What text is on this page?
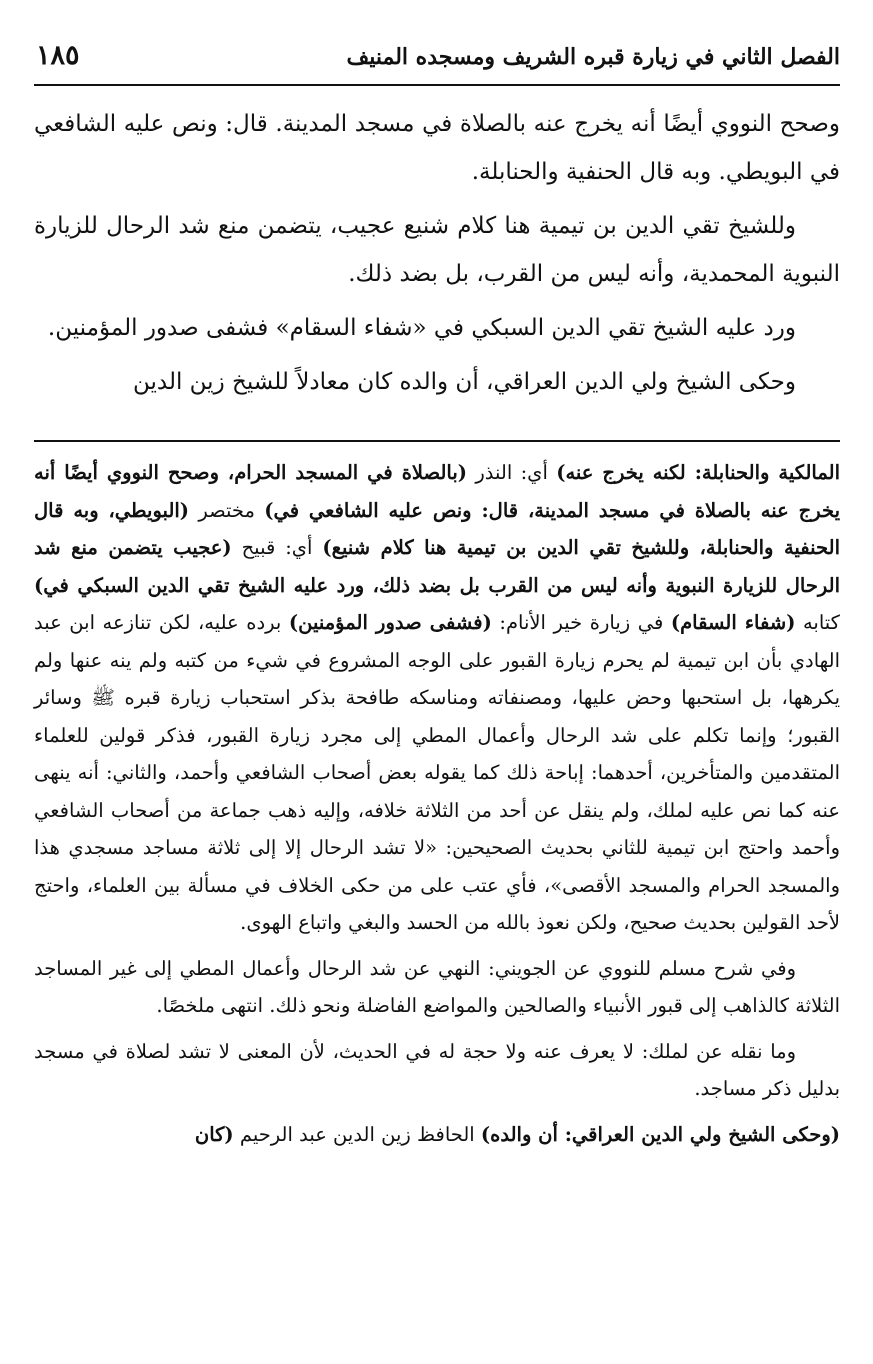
الفصل الثاني في زيارة قبره الشريف ومسجده المنيف
١٨٥

وصحح النووي أيضًا أنه يخرج عنه بالصلاة في مسجد المدينة. قال: ونص عليه الشافعي في البويطي. وبه قال الحنفية والحنابلة.

وللشيخ تقي الدين بن تيمية هنا كلام شنيع عجيب، يتضمن منع شد الرحال للزيارة النبوية المحمدية، وأنه ليس من القرب، بل بضد ذلك.

ورد عليه الشيخ تقي الدين السبكي في «شفاء السقام» فشفى صدور المؤمنين.

وحكى الشيخ ولي الدين العراقي، أن والده كان معادلاً للشيخ زين الدين

المالكية والحنابلة: لكنه يخرج عنه) أي: النذر (بالصلاة في المسجد الحرام، وصحح النووي أيضًا أنه يخرج عنه بالصلاة في مسجد المدينة، قال: ونص عليه الشافعي في) مختصر (البويطي، وبه قال الحنفية والحنابلة، وللشيخ تقي الدين بن تيمية هنا كلام شنيع) أي: قبيح (عجيب يتضمن منع شد الرحال للزيارة النبوية وأنه ليس من القرب بل بضد ذلك، ورد عليه الشيخ تقي الدين السبكي في) كتابه (شفاء السقام) في زيارة خير الأنام: (فشفى صدور المؤمنين) برده عليه، لكن تنازعه ابن عبد الهادي بأن ابن تيمية لم يحرم زيارة القبور على الوجه المشروع في شيء من كتبه ولم ينه عنها ولم يكرهها، بل استحبها وحض عليها، ومصنفاته ومناسكه طافحة بذكر استحباب زيارة قبره ﷺ وسائر القبور؛ وإنما تكلم على شد الرحال وأعمال المطي إلى مجرد زيارة القبور، فذكر قولين للعلماء المتقدمين والمتأخرين، أحدهما: إباحة ذلك كما يقوله بعض أصحاب الشافعي وأحمد، والثاني: أنه ينهى عنه كما نص عليه لملك، ولم ينقل عن أحد من الثلاثة خلافه، وإليه ذهب جماعة من أصحاب الشافعي وأحمد واحتج ابن تيمية للثاني بحديث الصحيحين: «لا تشد الرحال إلا إلى ثلاثة مساجد مسجدي هذا والمسجد الحرام والمسجد الأقصى»، فأي عتب على من حكى الخلاف في مسألة بين العلماء، واحتج لأحد القولين بحديث صحيح، ولكن نعوذ بالله من الحسد والبغي واتباع الهوى.

وفي شرح مسلم للنووي عن الجويني: النهي عن شد الرحال وأعمال المطي إلى غير المساجد الثلاثة كالذاهب إلى قبور الأنبياء والصالحين والمواضع الفاضلة ونحو ذلك. انتهى ملخصًا.

وما نقله عن لملك: لا يعرف عنه ولا حجة له في الحديث، لأن المعنى لا تشد لصلاة في مسجد بدليل ذكر مساجد.

(وحكى الشيخ ولي الدين العراقي: أن والده) الحافظ زين الدين عبد الرحيم (كان
